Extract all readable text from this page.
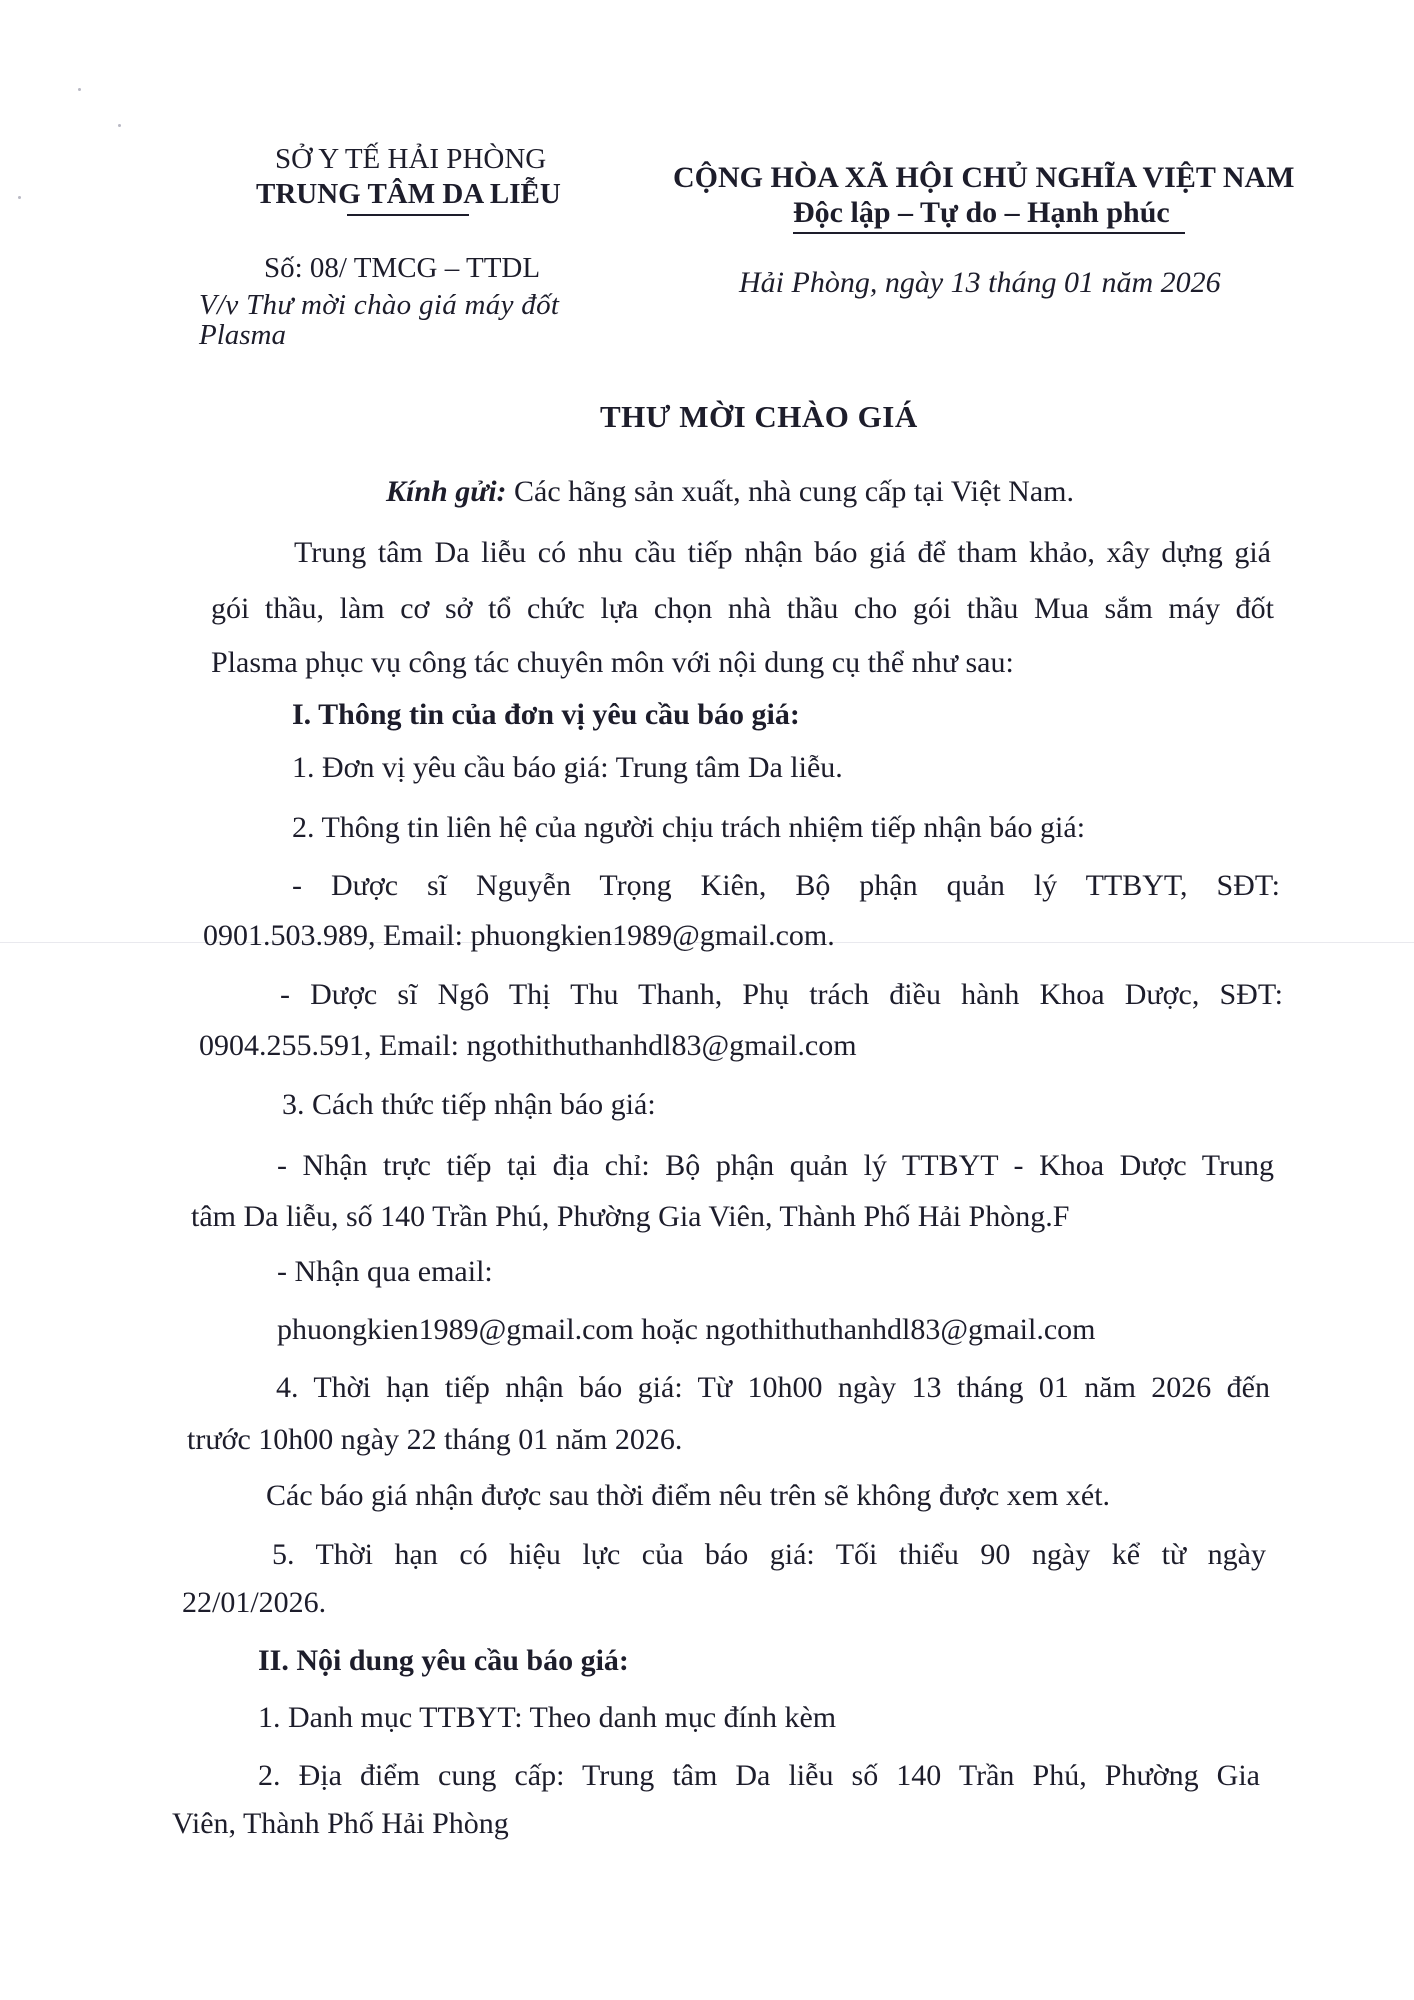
SỞ Y TẾ HẢI PHÒNG
TRUNG TÂM DA LIỄU
Số: 08/ TMCG – TTDL
V/v Thư mời chào giá máy đốt
Plasma
CỘNG HÒA XÃ HỘI CHỦ NGHĨA VIỆT NAM
Độc lập – Tự do – Hạnh phúc
Hải Phòng, ngày 13 tháng 01 năm 2026
THƯ MỜI CHÀO GIÁ
Kính gửi: Các hãng sản xuất, nhà cung cấp tại Việt Nam.
Trung tâm Da liễu có nhu cầu tiếp nhận báo giá để tham khảo, xây dựng giá
gói thầu, làm cơ sở tổ chức lựa chọn nhà thầu cho gói thầu Mua sắm máy đốt
Plasma phục vụ công tác chuyên môn với nội dung cụ thể như sau:
I. Thông tin của đơn vị yêu cầu báo giá:
1. Đơn vị yêu cầu báo giá: Trung tâm Da liễu.
2. Thông tin liên hệ của người chịu trách nhiệm tiếp nhận báo giá:
- Dược sĩ Nguyễn Trọng Kiên, Bộ phận quản lý TTBYT, SĐT:
0901.503.989, Email: phuongkien1989@gmail.com.
- Dược sĩ Ngô Thị Thu Thanh, Phụ trách điều hành Khoa Dược, SĐT:
0904.255.591, Email: ngothithuthanhdl83@gmail.com
3. Cách thức tiếp nhận báo giá:
- Nhận trực tiếp tại địa chỉ: Bộ phận quản lý TTBYT - Khoa Dược Trung
tâm Da liễu, số 140 Trần Phú, Phường Gia Viên, Thành Phố Hải Phòng.F
- Nhận qua email:
phuongkien1989@gmail.com hoặc ngothithuthanhdl83@gmail.com
4. Thời hạn tiếp nhận báo giá: Từ 10h00 ngày 13 tháng 01 năm 2026 đến
trước 10h00 ngày 22 tháng 01 năm 2026.
Các báo giá nhận được sau thời điểm nêu trên sẽ không được xem xét.
5. Thời hạn có hiệu lực của báo giá: Tối thiểu 90 ngày kể từ ngày
22/01/2026.
II. Nội dung yêu cầu báo giá:
1. Danh mục TTBYT: Theo danh mục đính kèm
2. Địa điểm cung cấp: Trung tâm Da liễu số 140 Trần Phú, Phường Gia
Viên, Thành Phố Hải Phòng
